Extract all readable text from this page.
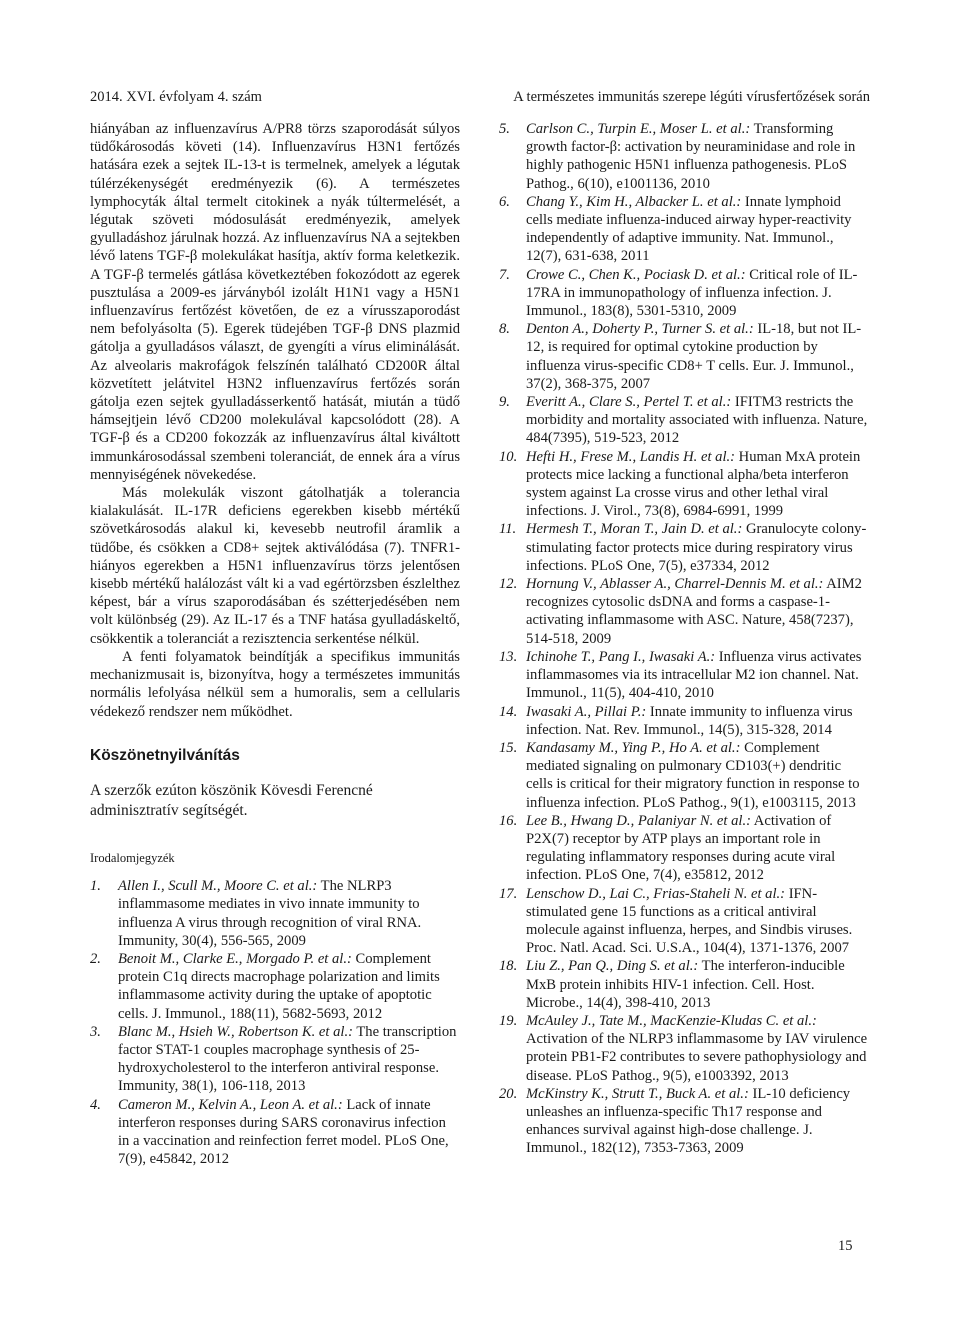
2014. XVI. évfolyam 4. szám	A természetes immunitás szerepe légúti vírusfertőzések során

hiányában az influenzavírus A/PR8 törzs szaporodását súlyos tüdőkárosodás követi (14). Influenzavírus H3N1 fertőzés hatására ezek a sejtek IL-13-t is termelnek, amelyek a légutak túlérzékenységét eredményezik (6). A természetes lymphocyták által termelt citokinek a nyák túltermelését, a légutak szöveti módosulását eredményezik, amelyek gyulladáshoz járulnak hozzá. Az influenzavírus NA a sejtekben lévő latens TGF-β molekulákat hasítja, aktív forma keletkezik. A TGF-β termelés gátlása következtében fokozódott az egerek pusztulása a 2009-es járványból izolált H1N1 vagy a H5N1 influenzavírus fertőzést követően, de ez a vírusszaporodást nem befolyásolta (5). Egerek tüdejében TGF-β DNS plazmid gátolja a gyulladásos választ, de gyengíti a vírus eliminálását. Az alveolaris makrofágok felszínén található CD200R által közvetített jelátvitel H3N2 influenzavírus fertőzés során gátolja ezen sejtek gyulladásserkentő hatását, miután a tüdő hámsejtjein lévő CD200 molekulával kapcsolódott (28). A TGF-β és a CD200 fokozzák az influenzavírus által kiváltott immunkárosodással szembeni toleranciát, de ennek ára a vírus mennyiségének növekedése.

Más molekulák viszont gátolhatják a tolerancia kialakulását. IL-17R deficiens egerekben kisebb mértékű szövetkárosodás alakul ki, kevesebb neutrofil áramlik a tüdőbe, és csökken a CD8+ sejtek aktiválódása (7). TNFR1-hiányos egerekben a H5N1 influenzavírus törzs jelentősen kisebb mértékű halálozást vált ki a vad egértörzsben észlelthez képest, bár a vírus szaporodásában és szétterjedésében nem volt különbség (29). Az IL-17 és a TNF hatása gyulladáskeltő, csökkentik a toleranciát a rezisztencia serkentése nélkül.

A fenti folyamatok beindítják a specifikus immunitás mechanizmusait is, bizonyítva, hogy a természetes immunitás normális lefolyása nélkül sem a humoralis, sem a cellularis védekező rendszer nem működhet.

Köszönetnyilvánítás

A szerzők ezúton köszönik Kövesdi Ferencné adminisztratív segítségét.

Irodalomjegyzék
1. Allen I., Scull M., Moore C. et al.: The NLRP3 inflammasome mediates in vivo innate immunity to influenza A virus through recognition of viral RNA. Immunity, 30(4), 556-565, 2009
2. Benoit M., Clarke E., Morgado P. et al.: Complement protein C1q directs macrophage polarization and limits inflammasome activity during the uptake of apoptotic cells. J. Immunol., 188(11), 5682-5693, 2012
3. Blanc M., Hsieh W., Robertson K. et al.: The transcription factor STAT-1 couples macrophage synthesis of 25-hydroxycholesterol to the interferon antiviral response. Immunity, 38(1), 106-118, 2013
4. Cameron M., Kelvin A., Leon A. et al.: Lack of innate interferon responses during SARS coronavirus infection in a vaccination and reinfection ferret model. PLoS One, 7(9), e45842, 2012
5. Carlson C., Turpin E., Moser L. et al.: Transforming growth factor-β: activation by neuraminidase and role in highly pathogenic H5N1 influenza pathogenesis. PLoS Pathog., 6(10), e1001136, 2010
6. Chang Y., Kim H., Albacker L. et al.: Innate lymphoid cells mediate influenza-induced airway hyper-reactivity independently of adaptive immunity. Nat. Immunol., 12(7), 631-638, 2011
7. Crowe C., Chen K., Pociask D. et al.: Critical role of IL-17RA in immunopathology of influenza infection. J. Immunol., 183(8), 5301-5310, 2009
8. Denton A., Doherty P., Turner S. et al.: IL-18, but not IL-12, is required for optimal cytokine production by influenza virus-specific CD8+ T cells. Eur. J. Immunol., 37(2), 368-375, 2007
9. Everitt A., Clare S., Pertel T. et al.: IFITM3 restricts the morbidity and mortality associated with influenza. Nature, 484(7395), 519-523, 2012
10. Hefti H., Frese M., Landis H. et al.: Human MxA protein protects mice lacking a functional alpha/beta interferon system against La crosse virus and other lethal viral infections. J. Virol., 73(8), 6984-6991, 1999
11. Hermesh T., Moran T., Jain D. et al.: Granulocyte colony-stimulating factor protects mice during respiratory virus infections. PLoS One, 7(5), e37334, 2012
12. Hornung V., Ablasser A., Charrel-Dennis M. et al.: AIM2 recognizes cytosolic dsDNA and forms a caspase-1-activating inflammasome with ASC. Nature, 458(7237), 514-518, 2009
13. Ichinohe T., Pang I., Iwasaki A.: Influenza virus activates inflammasomes via its intracellular M2 ion channel. Nat. Immunol., 11(5), 404-410, 2010
14. Iwasaki A., Pillai P.: Innate immunity to influenza virus infection. Nat. Rev. Immunol., 14(5), 315-328, 2014
15. Kandasamy M., Ying P., Ho A. et al.: Complement mediated signaling on pulmonary CD103(+) dendritic cells is critical for their migratory function in response to influenza infection. PLoS Pathog., 9(1), e1003115, 2013
16. Lee B., Hwang D., Palaniyar N. et al.: Activation of P2X(7) receptor by ATP plays an important role in regulating inflammatory responses during acute viral infection. PLoS One, 7(4), e35812, 2012
17. Lenschow D., Lai C., Frias-Staheli N. et al.: IFN-stimulated gene 15 functions as a critical antiviral molecule against influenza, herpes, and Sindbis viruses. Proc. Natl. Acad. Sci. U.S.A., 104(4), 1371-1376, 2007
18. Liu Z., Pan Q., Ding S. et al.: The interferon-inducible MxB protein inhibits HIV-1 infection. Cell. Host. Microbe., 14(4), 398-410, 2013
19. McAuley J., Tate M., MacKenzie-Kludas C. et al.: Activation of the NLRP3 inflammasome by IAV virulence protein PB1-F2 contributes to severe pathophysiology and disease. PLoS Pathog., 9(5), e1003392, 2013
20. McKinstry K., Strutt T., Buck A. et al.: IL-10 deficiency unleashes an influenza-specific Th17 response and enhances survival against high-dose challenge. J. Immunol., 182(12), 7353-7363, 2009
15
